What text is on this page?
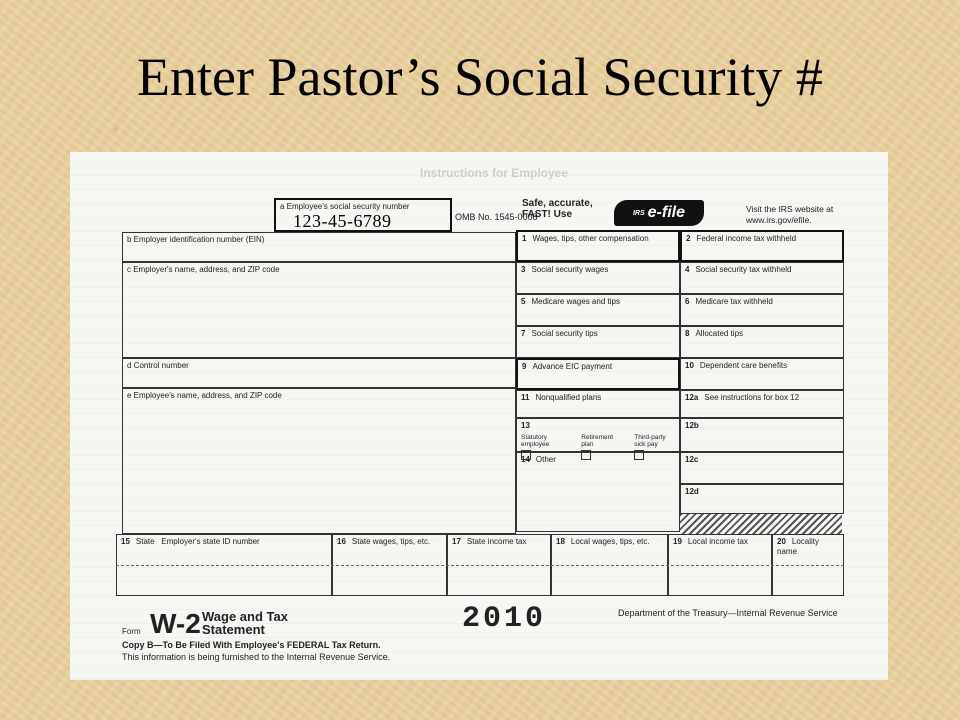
Enter Pastor’s Social Security #
Instructions for Employee
a Employee's social security number
123-45-6789	OMB No. 1545-0008
Safe, accurate, FAST! Use	IRS e-file	Visit the IRS website at www.irs.gov/efile.
b Employer identification number (EIN)
c Employer's name, address, and ZIP code
d Control number
e Employee's name, address, and ZIP code
1 Wages, tips, other compensation	2 Federal income tax withheld
3 Social security wages	4 Social security tax withheld
5 Medicare wages and tips	6 Medicare tax withheld
7 Social security tips	8 Allocated tips
9 Advance EIC payment	10 Dependent care benefits
11 Nonqualified plans	12a See instructions for box 12
13
Statutory employee
Retirement plan
Third-party sick pay
12b
14 Other	12c
12d
15 State Employer's state ID number	16 State wages, tips, etc.	17 State income tax	18 Local wages, tips, etc.	19 Local income tax	20 Locality name
Form W-2 Wage and Tax Statement	2010	Department of the Treasury—Internal Revenue Service
Copy B—To Be Filed With Employee's FEDERAL Tax Return.
This information is being furnished to the Internal Revenue Service.
